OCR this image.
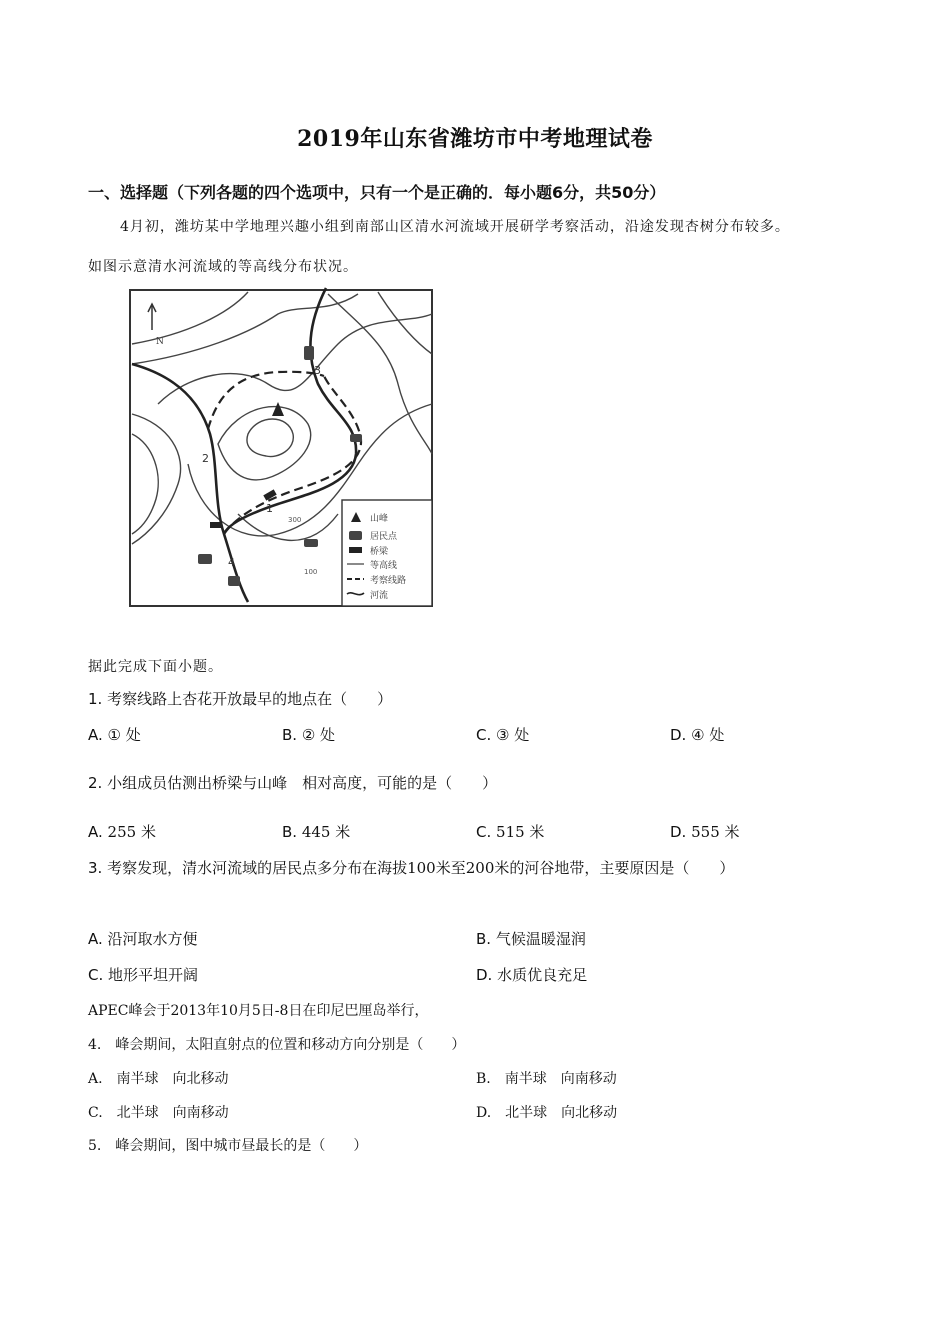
2019年山东省潍坊市中考地理试卷
一、选择题（下列各题的四个选项中，只有一个是正确的．每小题6分，共50分）
4月初，潍坊某中学地理兴趣小组到南部山区清水河流域开展研学考察活动，沿途发现杏树分布较多。
如图示意清水河流域的等高线分布状况。
N
2
3
1
4
300
100
山峰
居民点
桥梁
等高线
考察线路
河流
据此完成下面小题。
1. 考察线路上杏花开放最早的地点在（　　）
A. ① 处	B. ② 处	C. ③ 处	D. ④ 处
2. 小组成员估测出桥梁与山峰　相对高度，可能的是（　　）
A. 255 米	B. 445 米	C. 515 米	D. 555 米
3. 考察发现，清水河流域的居民点多分布在海拔100米至200米的河谷地带，主要原因是（　　）
A. 沿河取水方便	B. 气候温暖湿润
C. 地形平坦开阔	D. 水质优良充足
APEC峰会于2013年10月5日-8日在印尼巴厘岛举行，
4.　峰会期间，太阳直射点的位置和移动方向分别是（　　）
A.　南半球　向北移动	B.　南半球　向南移动
C.　北半球　向南移动	D.　北半球　向北移动
5.　峰会期间，图中城市昼最长的是（　　）
